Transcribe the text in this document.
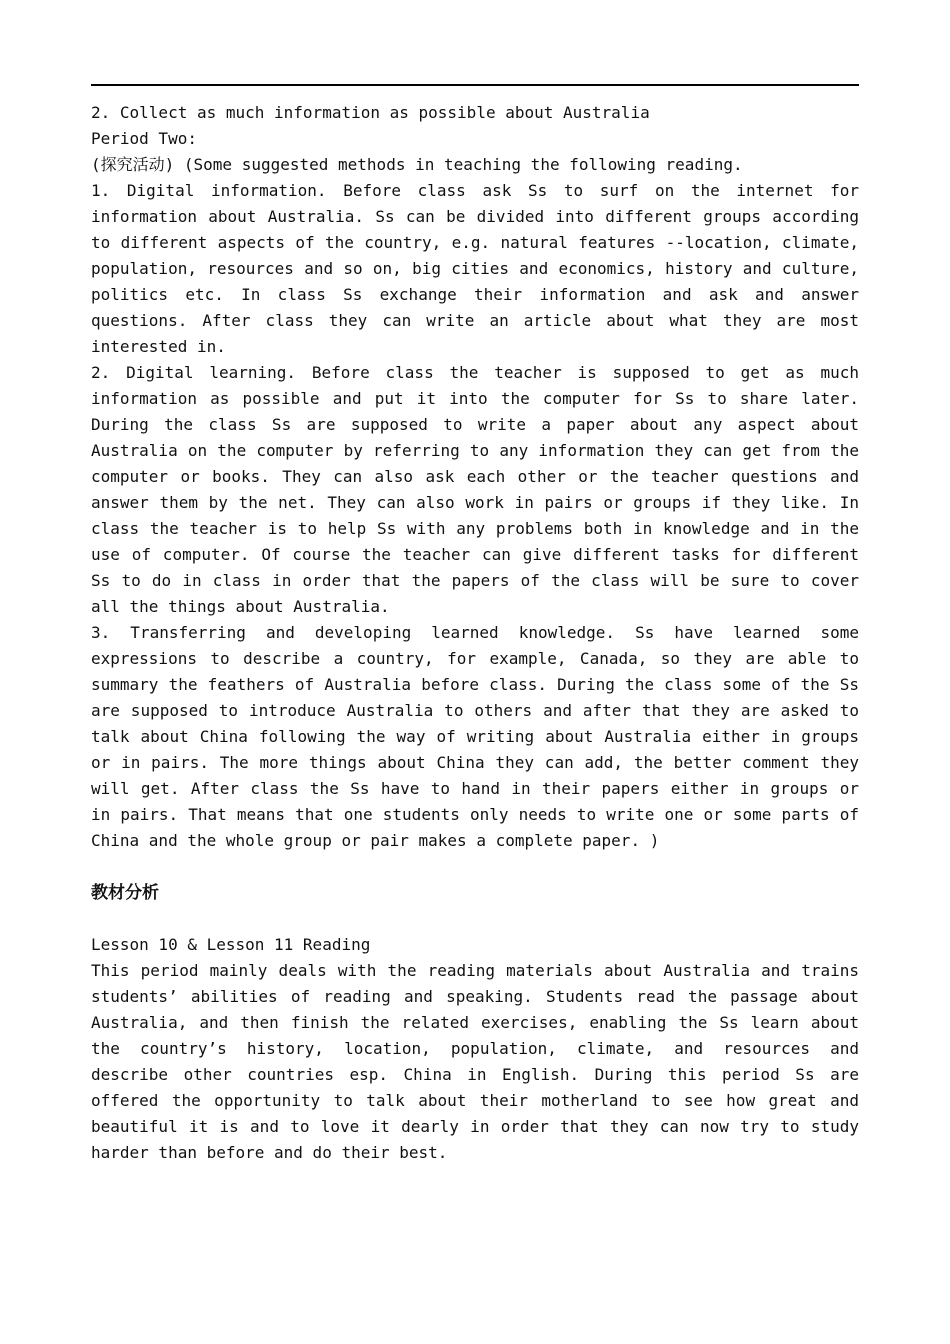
2. Collect as much information as possible about Australia

Period Two:

(探究活动) (Some suggested methods in teaching the following reading.

1. Digital information. Before class ask Ss to surf on the internet for information about Australia. Ss can be divided into different groups according to different aspects of the country, e.g. natural features --location, climate, population, resources and so on, big cities and economics, history and culture, politics etc. In class Ss exchange their information and ask and answer questions. After class they can write an article about what they are most interested in.

2. Digital learning. Before class the teacher is supposed to get as much information as possible and put it into the computer for Ss to share later. During the class Ss are supposed to write a paper about any aspect about Australia on the computer by referring to any information they can get from the computer or books. They can also ask each other or the teacher questions and answer them by the net. They can also work in pairs or groups if they like. In class the teacher is to help Ss with any problems both in knowledge and in the use of computer. Of course the teacher can give different tasks for different Ss to do in class in order that the papers of the class will be sure to cover all the things about Australia.

3. Transferring and developing learned knowledge. Ss have learned some expressions to describe a country, for example, Canada, so they are able to summary the feathers of Australia before class. During the class some of the Ss are supposed to introduce Australia to others and after that they are asked to talk about China following the way of writing about Australia either in groups or in pairs. The more things about China they can add, the better comment they will get. After class the Ss have to hand in their papers either in groups or in pairs. That means that one students only needs to write one or some parts of China and the whole group or pair makes a complete paper. )

教材分析

Lesson 10 & Lesson 11 Reading

This period mainly deals with the reading materials about Australia and trains students’ abilities of reading and speaking. Students read the passage about Australia, and then finish the related exercises, enabling the Ss learn about the country’s history, location, population, climate, and resources and describe other countries esp. China in English. During this period Ss are offered the opportunity to talk about their motherland to see how great and beautiful it is and to love it dearly in order that they can now try to study harder than before and do their best.
